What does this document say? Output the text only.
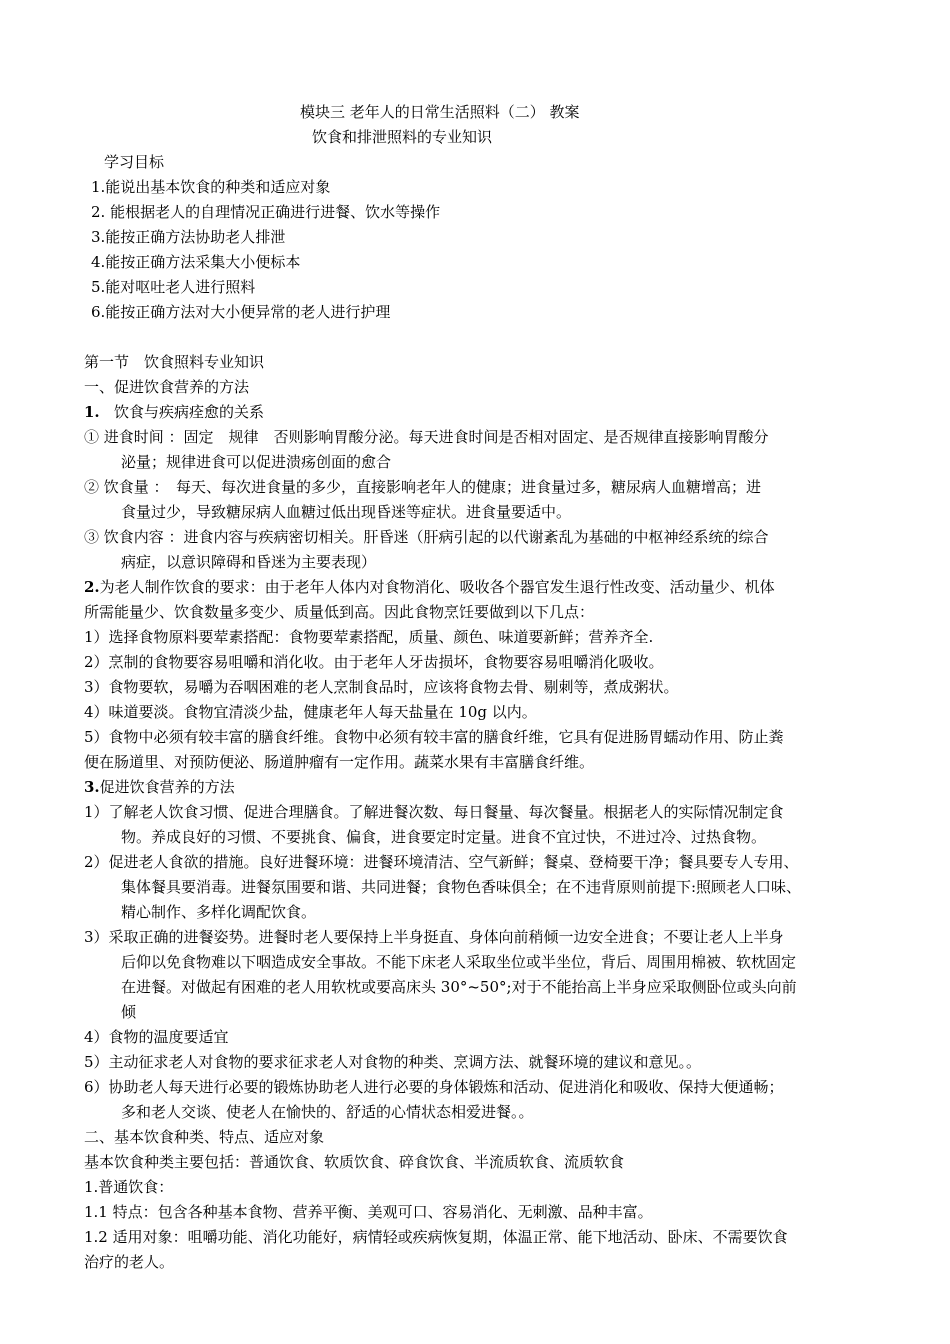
模块三 老年人的日常生活照料（二） 教案
饮食和排泄照料的专业知识
学习目标
1.能说出基本饮食的种类和适应对象
2. 能根据老人的自理情况正确进行进餐、饮水等操作
3.能按正确方法协助老人排泄
4.能按正确方法采集大小便标本
5.能对呕吐老人进行照料
6.能按正确方法对大小便异常的老人进行护理
第一节　饮食照料专业知识
一、促进饮食营养的方法
1. 饮食与疾病痊愈的关系
① 进食时间 ：固定　规律　否则影响胃酸分泌。每天进食时间是否相对固定、是否规律直接影响胃酸分
泌量；规律进食可以促进溃疡创面的愈合
② 饮食量 ：　每天、每次进食量的多少，直接影响老年人的健康；进食量过多，糖尿病人血糖增高；进
食量过少，导致糖尿病人血糖过低出现昏迷等症状。进食量要适中。
③ 饮食内容 ：进食内容与疾病密切相关。肝昏迷（肝病引起的以代谢紊乱为基础的中枢神经系统的综合
病症，以意识障碍和昏迷为主要表现）
2.为老人制作饮食的要求：由于老年人体内对食物消化、吸收各个器官发生退行性改变、活动量少、机体
所需能量少、饮食数量多变少、质量低到高。因此食物烹饪要做到以下几点：
1）选择食物原料要荤素搭配：食物要荤素搭配，质量、颜色、味道要新鲜；营养齐全.
2）烹制的食物要容易咀嚼和消化收。由于老年人牙齿损坏，食物要容易咀嚼消化吸收。
3）食物要软，易嚼为吞咽困难的老人烹制食品时，应该将食物去骨、剔刺等，煮成粥状。
4）味道要淡。食物宜清淡少盐，健康老年人每天盐量在 10g 以内。
5）食物中必须有较丰富的膳食纤维。食物中必须有较丰富的膳食纤维，它具有促进肠胃蠕动作用、防止粪
便在肠道里、对预防便泌、肠道肿瘤有一定作用。蔬菜水果有丰富膳食纤维。
3.促进饮食营养的方法
1）了解老人饮食习惯、促进合理膳食。了解进餐次数、每日餐量、每次餐量。根据老人的实际情况制定食
物。养成良好的习惯、不要挑食、偏食，进食要定时定量。进食不宜过快，不进过冷、过热食物。
2）促进老人食欲的措施。良好进餐环境：进餐环境清洁、空气新鲜；餐桌、登椅要干净；餐具要专人专用、
集体餐具要消毒。进餐氛围要和谐、共同进餐；食物色香味俱全；在不违背原则前提下:照顾老人口味、
精心制作、多样化调配饮食。
3）采取正确的进餐姿势。进餐时老人要保持上半身挺直、身体向前稍倾一边安全进食；不要让老人上半身
后仰以免食物难以下咽造成安全事故。不能下床老人采取坐位或半坐位，背后、周围用棉被、软枕固定
在进餐。对做起有困难的老人用软枕或要高床头 30°~50°;对于不能抬高上半身应采取侧卧位或头向前
倾
4）食物的温度要适宜
5）主动征求老人对食物的要求征求老人对食物的种类、烹调方法、就餐环境的建议和意见。。
6）协助老人每天进行必要的锻炼协助老人进行必要的身体锻炼和活动、促进消化和吸收、保持大便通畅；
多和老人交谈、使老人在愉快的、舒适的心情状态相爱进餐。。
二、基本饮食种类、特点、适应对象
基本饮食种类主要包括：普通饮食、软质饮食、碎食饮食、半流质软食、流质软食
1.普通饮食：
1.1 特点：包含各种基本食物、营养平衡、美观可口、容易消化、无刺激、品种丰富。
1.2 适用对象：咀嚼功能、消化功能好，病情轻或疾病恢复期，体温正常、能下地活动、卧床、不需要饮食
治疗的老人。
